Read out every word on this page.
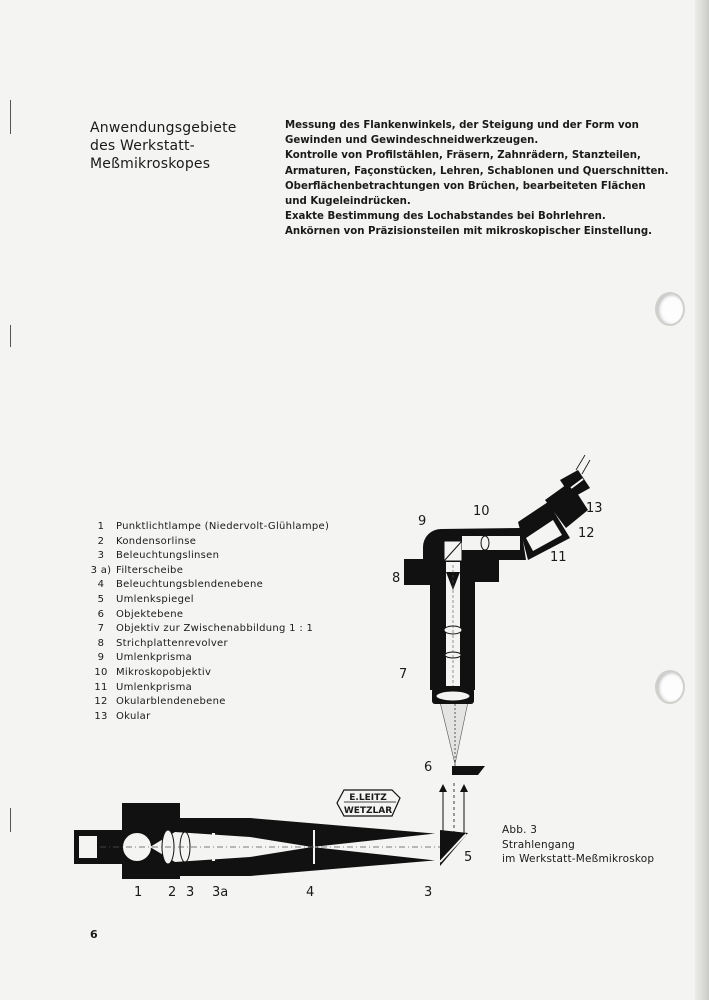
Anwendungsgebiete
des Werkstatt-
Meßmikroskopes
Messung des Flankenwinkels, der Steigung und der Form von
Gewinden und Gewindeschneidwerkzeugen.
Kontrolle von Profilstählen, Fräsern, Zahnrädern, Stanzteilen,
Armaturen, Façonstücken, Lehren, Schablonen und Querschnitten.
Oberflächenbetrachtungen von Brüchen, bearbeiteten Flächen
und Kugeleindrücken.
Exakte Bestimmung des Lochabstandes bei Bohrlehren.
Ankörnen von Präzisionsteilen mit mikroskopischer Einstellung.
1	Punktlichtlampe (Niedervolt-Glühlampe)
2	Kondensorlinse
3	Beleuchtungslinsen
3 a) Filterscheibe
4	Beleuchtungsblendenebene
5	Umlenkspiegel
6	Objektebene
7	Objektiv zur Zwischenabbildung 1 : 1
8	Strichplattenrevolver
9	Umlenkprisma
10 Mikroskopobjektiv
11 Umlenkprisma
12 Okularblendenebene
13 Okular
E.LEITZ
WETZLAR
1 2 3 3a	4	3
5
6
7
8
9
10
11
12
13
Abb. 3
Strahlengang
im Werkstatt-Meßmikroskop
6
